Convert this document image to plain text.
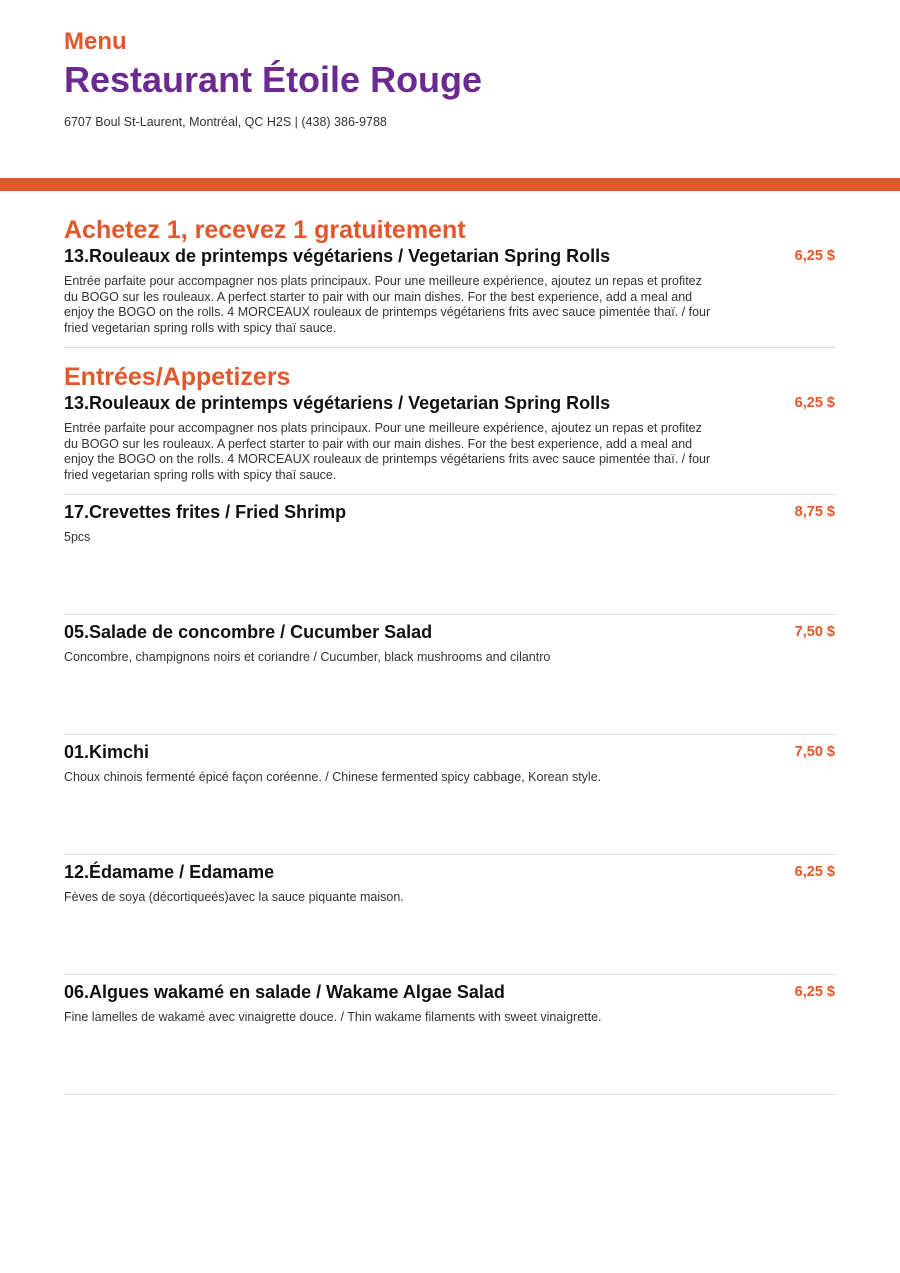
Menu
Restaurant Étoile Rouge
6707 Boul St-Laurent, Montréal, QC H2S | (438) 386-9788
Achetez 1, recevez 1 gratuitement
13.Rouleaux de printemps végétariens / Vegetarian Spring Rolls	6,25 $
Entrée parfaite pour accompagner nos plats principaux. Pour une meilleure expérience, ajoutez un repas et profitez du BOGO sur les rouleaux. A perfect starter to pair with our main dishes. For the best experience, add a meal and enjoy the BOGO on the rolls. 4 MORCEAUX rouleaux de printemps végétariens frits avec sauce pimentée thaï. / four fried vegetarian spring rolls with spicy thaï sauce.
Entrées/Appetizers
13.Rouleaux de printemps végétariens / Vegetarian Spring Rolls	6,25 $
Entrée parfaite pour accompagner nos plats principaux. Pour une meilleure expérience, ajoutez un repas et profitez du BOGO sur les rouleaux. A perfect starter to pair with our main dishes. For the best experience, add a meal and enjoy the BOGO on the rolls. 4 MORCEAUX rouleaux de printemps végétariens frits avec sauce pimentée thaï. / four fried vegetarian spring rolls with spicy thaï sauce.
17.Crevettes frites / Fried Shrimp	8,75 $
5pcs
05.Salade de concombre / Cucumber Salad	7,50 $
Concombre, champignons noirs et coriandre / Cucumber, black mushrooms and cilantro
01.Kimchi	7,50 $
Choux chinois fermenté épicé façon coréenne. / Chinese fermented spicy cabbage, Korean style.
12.Édamame / Edamame	6,25 $
Fèves de soya (décortiqueés)avec la sauce piquante maison.
06.Algues wakamé en salade / Wakame Algae Salad	6,25 $
Fine lamelles de wakamé avec vinaigrette douce. / Thin wakame filaments with sweet vinaigrette.
